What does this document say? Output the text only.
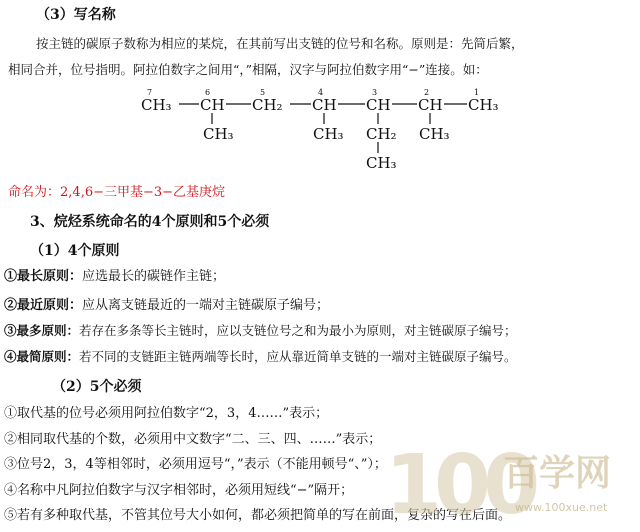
（3）写名称
按主链的碳原子数称为相应的某烷，在其前写出支链的位号和名称。原则是：先简后繁，
相同合并，位号指明。阿拉伯数字之间用“，”相隔，汉字与阿拉伯数字用“−”连接。如：
7	6	5	4	3	2	1
CH₃ CH CH₂ CH CH CH CH₃
CH₃	CH₃ CH₂
CH₃
CH₃
命名为：2,4,6−三甲基−3−乙基庚烷
3、烷烃系统命名的4个原则和5个必须
（1）4个原则
①最长原则：应选最长的碳链作主链；
②最近原则：应从离支链最近的一端对主链碳原子编号；
③最多原则：若存在多条等长主链时，应以支链位号之和为最小为原则，对主链碳原子编号；
④最简原则：若不同的支链距主链两端等长时，应从靠近简单支链的一端对主链碳原子编号。
（2）5个必须
①取代基的位号必须用阿拉伯数字“2，3，4……”表示；
②相同取代基的个数，必须用中文数字“二、三、四、……”表示；
③位号2，3，4等相邻时，必须用逗号“，”表示（不能用顿号“、”）；
④名称中凡阿拉伯数字与汉字相邻时，必须用短线“−”隔开；
⑤若有多种取代基，不管其位号大小如何，都必须把简单的写在前面，复杂的写在后面。
100
百学网
www.100xue.net
